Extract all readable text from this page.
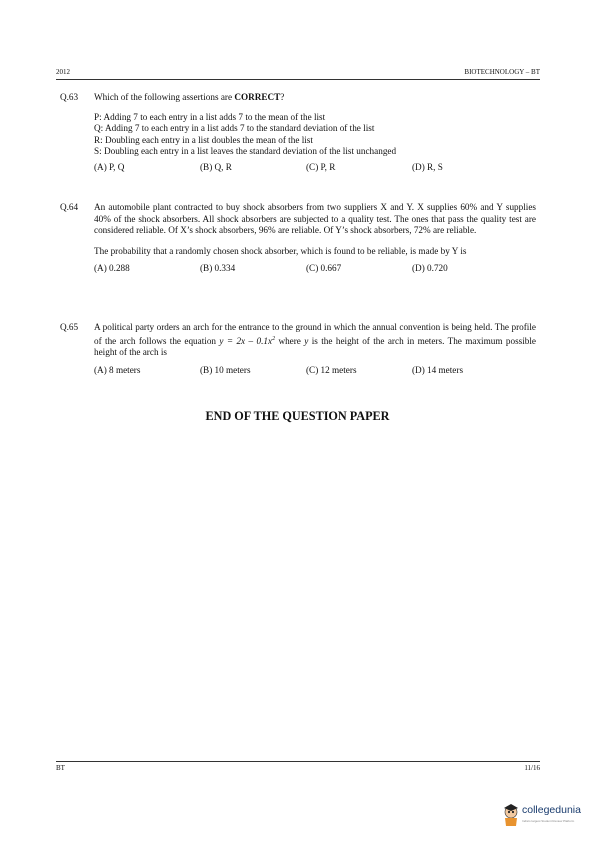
2012	BIOTECHNOLOGY – BT
Q.63 Which of the following assertions are CORRECT?

P: Adding 7 to each entry in a list adds 7 to the mean of the list

Q: Adding 7 to each entry in a list adds 7 to the standard deviation of the list

R: Doubling each entry in a list doubles the mean of the list

S: Doubling each entry in a list leaves the standard deviation of the list unchanged

(A) P, Q	(B) Q, R	(C) P, R	(D) R, S
Q.64 An automobile plant contracted to buy shock absorbers from two suppliers X and Y. X supplies 60% and Y supplies 40% of the shock absorbers. All shock absorbers are subjected to a quality test. The ones that pass the quality test are considered reliable. Of X’s shock absorbers, 96% are reliable. Of Y’s shock absorbers, 72% are reliable.

The probability that a randomly chosen shock absorber, which is found to be reliable, is made by Y is

(A) 0.288	(B) 0.334	(C) 0.667	(D) 0.720
Q.65 A political party orders an arch for the entrance to the ground in which the annual convention is being held. The profile of the arch follows the equation $y = 2x - 0.1x^2$ where y is the height of the arch in meters. The maximum possible height of the arch is

(A) 8 meters	(B) 10 meters	(C) 12 meters	(D) 14 meters
END OF THE QUESTION PAPER
BT	11/16
collegedunia
India's largest Student Review Platform
